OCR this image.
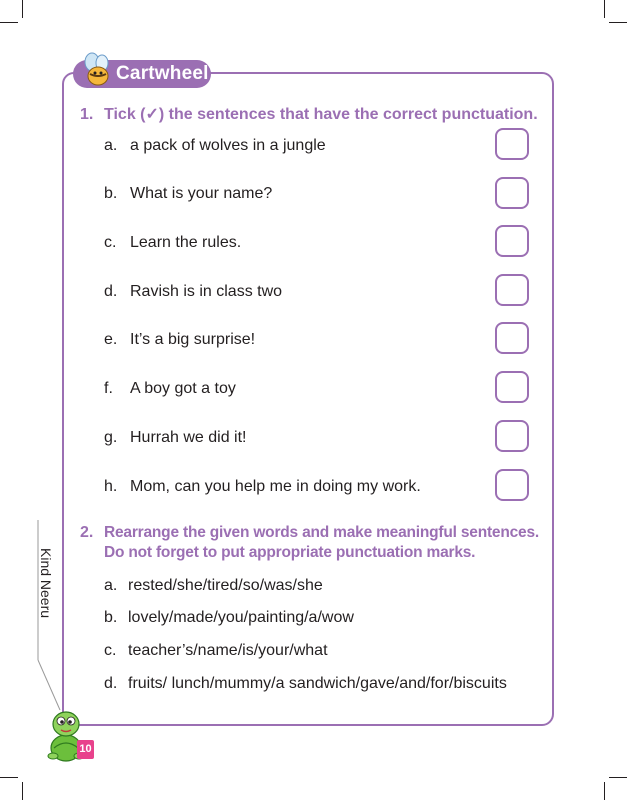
Cartwheel
1. Tick (✓) the sentences that have the correct punctuation.
a. a pack of wolves in a jungle
b. What is your name?
c. Learn the rules.
d. Ravish is in class two
e. It’s a big surprise!
f. A boy got a toy
g. Hurrah we did it!
h. Mom, can you help me in doing my work.
2. Rearrange the given words and make meaningful sentences.
Do not forget to put appropriate punctuation marks.
a. rested/she/tired/so/was/she
b. lovely/made/you/painting/a/wow
c. teacher’s/name/is/your/what
d. fruits/ lunch/mummy/a sandwich/gave/and/for/biscuits
Kind Neeru
10
